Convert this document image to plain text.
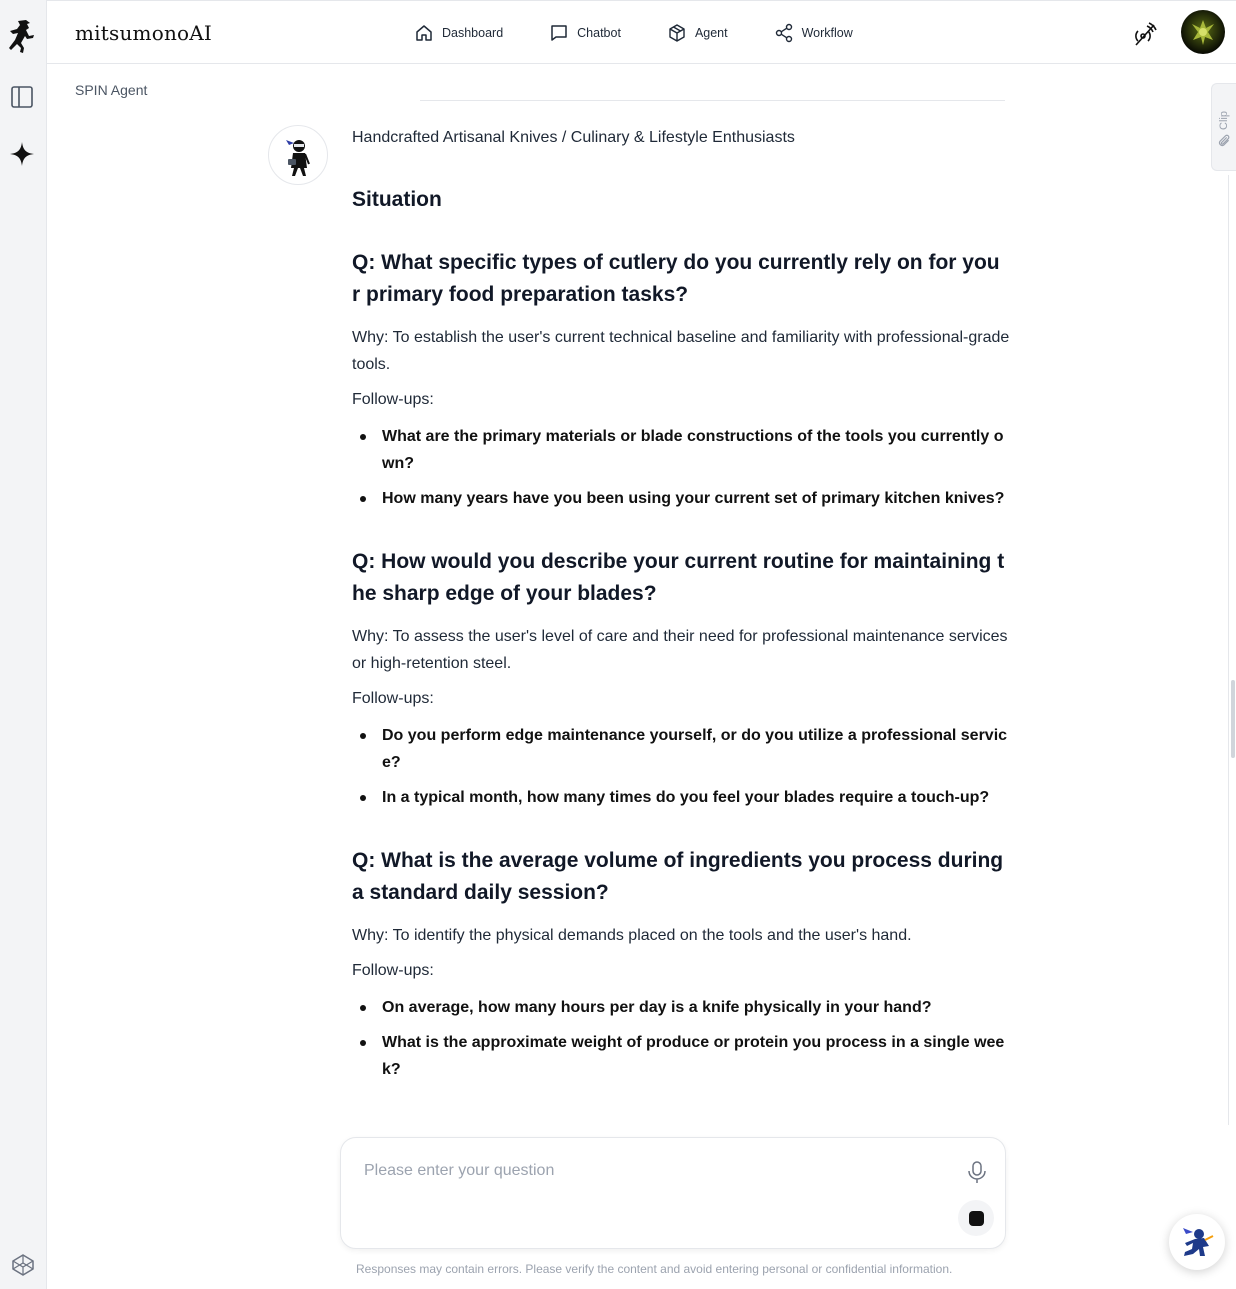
mitsumonoAI	Dashboard	Chatbot	Agent	Workflow
SPIN Agent
Handcrafted Artisanal Knives / Culinary & Lifestyle Enthusiasts
Situation
Q: What specific types of cutlery do you currently rely on for your primary food preparation tasks?
Why: To establish the user's current technical baseline and familiarity with professional-grade tools.
Follow-ups:
What are the primary materials or blade constructions of the tools you currently own?
How many years have you been using your current set of primary kitchen knives?
Q: How would you describe your current routine for maintaining the sharp edge of your blades?
Why: To assess the user's level of care and their need for professional maintenance services or high-retention steel.
Follow-ups:
Do you perform edge maintenance yourself, or do you utilize a professional service?
In a typical month, how many times do you feel your blades require a touch-up?
Q: What is the average volume of ingredients you process during a standard daily session?
Why: To identify the physical demands placed on the tools and the user's hand.
Follow-ups:
On average, how many hours per day is a knife physically in your hand?
What is the approximate weight of produce or protein you process in a single week?
Please enter your question
Responses may contain errors. Please verify the content and avoid entering personal or confidential information.
Clip
